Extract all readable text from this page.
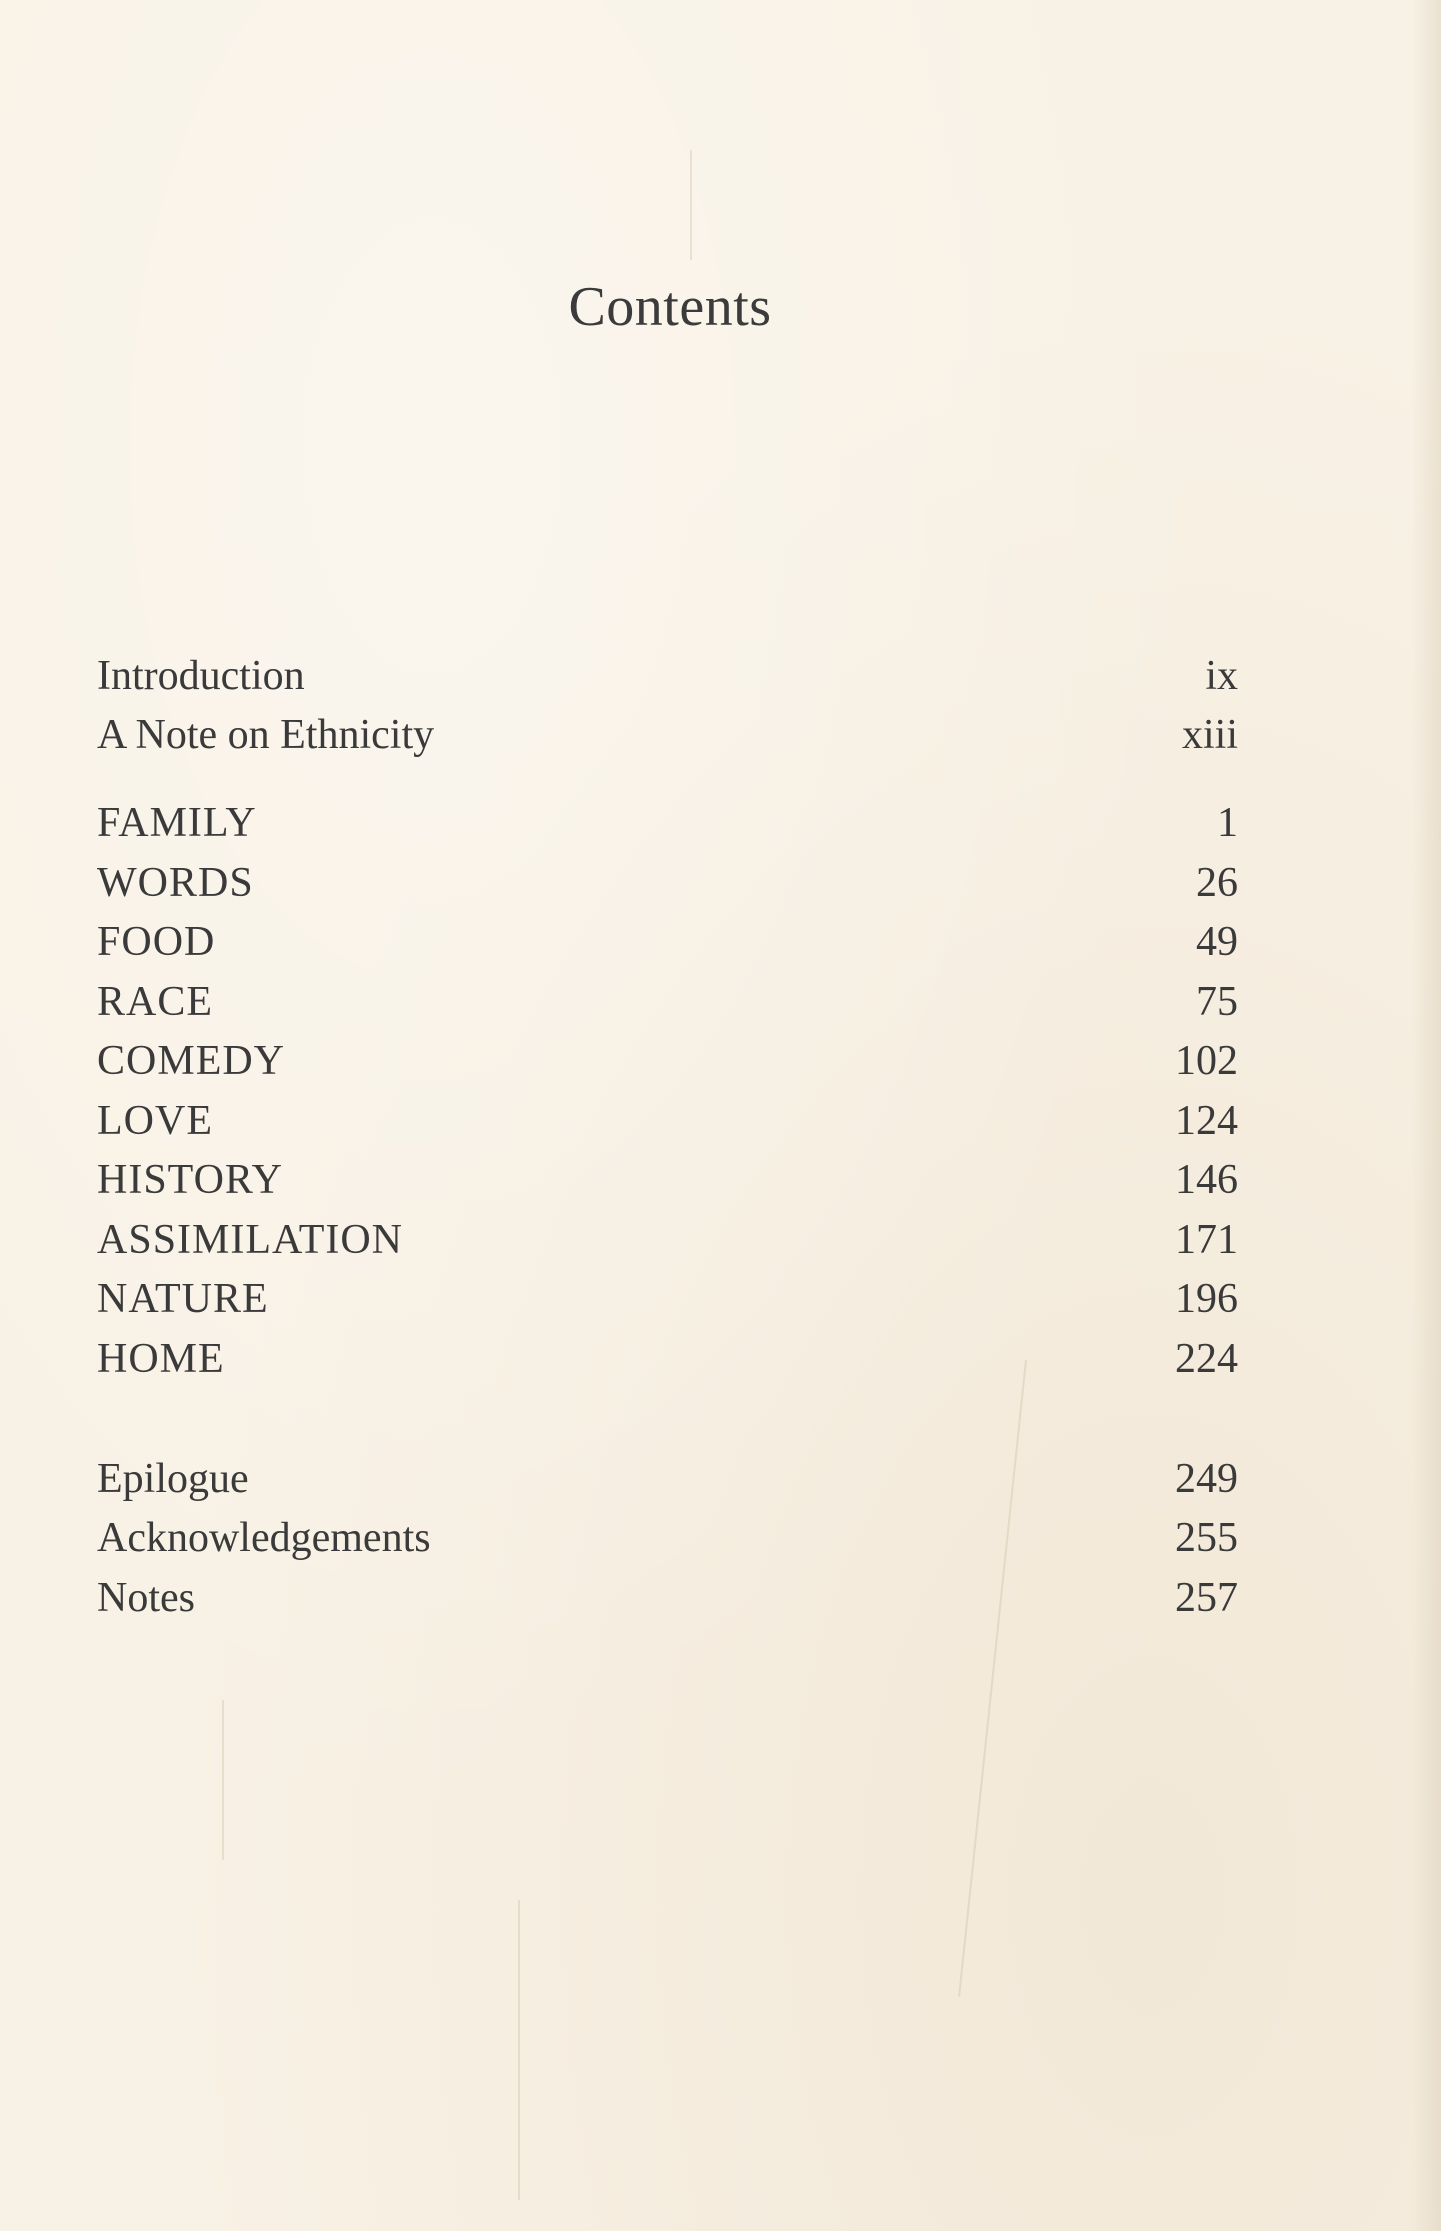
Contents
Introduction	ix
A Note on Ethnicity	xiii
FAMILY	1
WORDS	26
FOOD	49
RACE	75
COMEDY	102
LOVE	124
HISTORY	146
ASSIMILATION	171
NATURE	196
HOME	224
Epilogue	249
Acknowledgements	255
Notes	257
